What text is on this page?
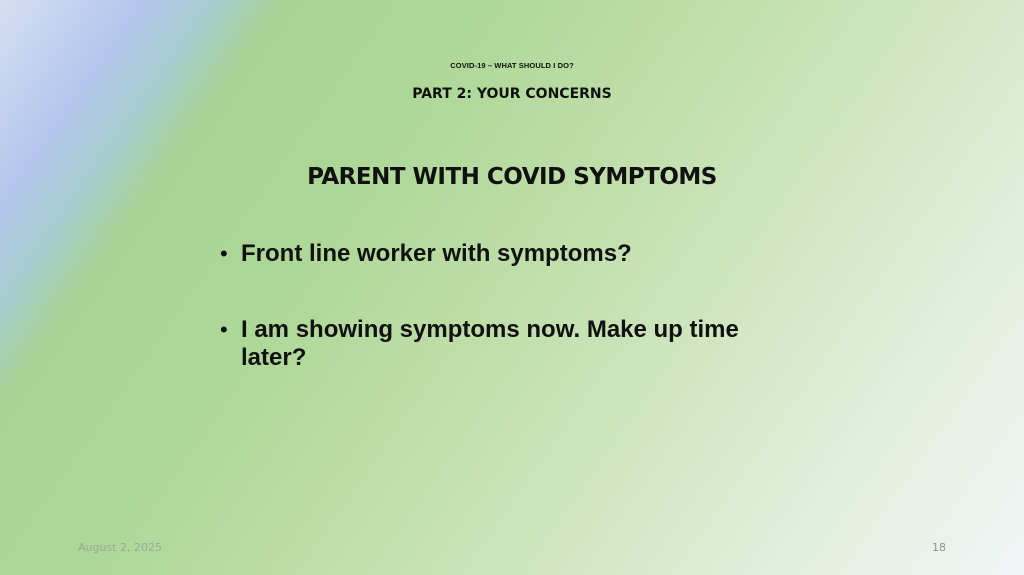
COVID-19 – WHAT SHOULD I DO?
PART 2: YOUR CONCERNS
PARENT WITH COVID SYMPTOMS
• Front line worker with symptoms?
• I am showing symptoms now. Make up time later?
August 2, 2025	18
